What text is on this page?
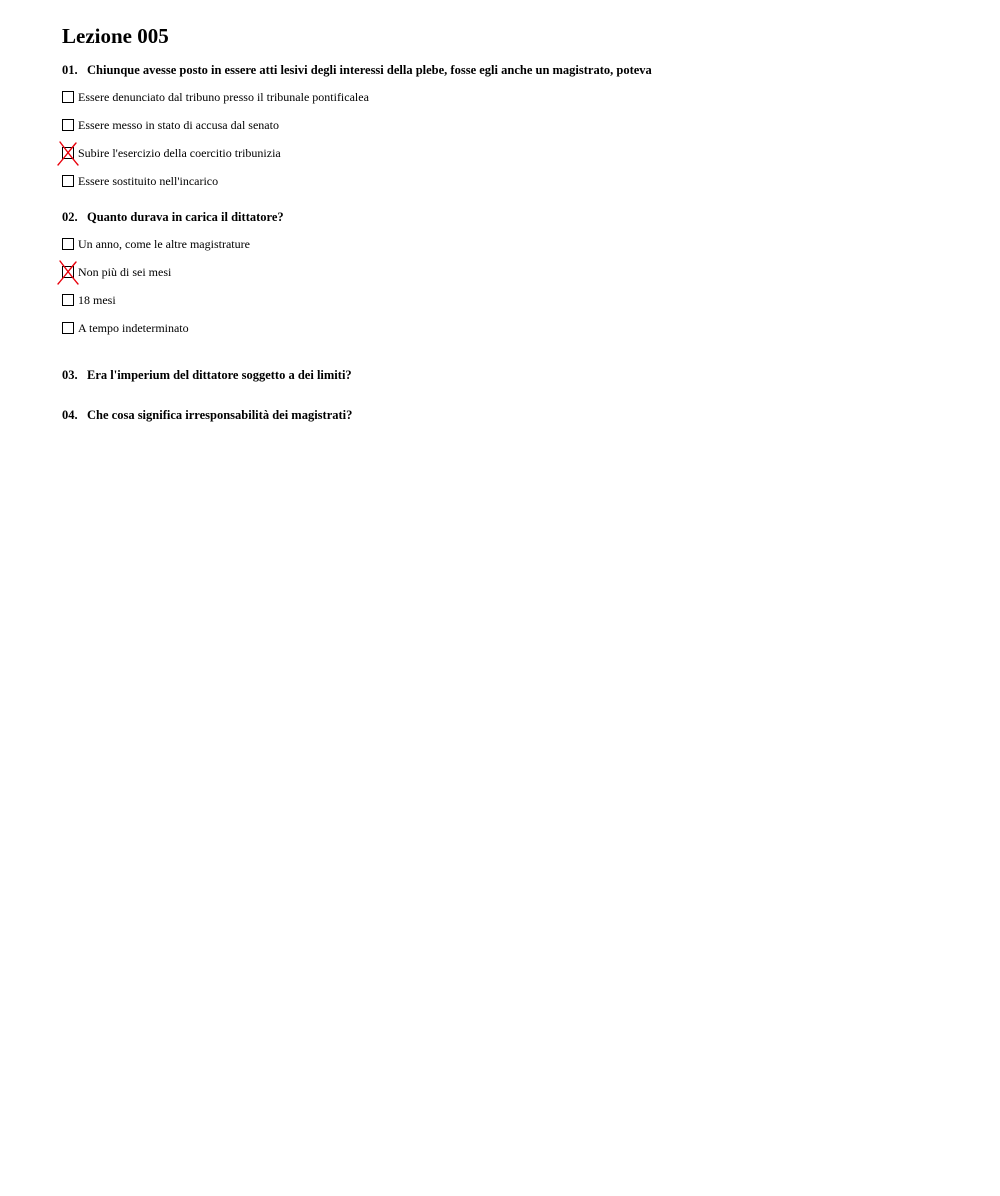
Lezione 005
01. Chiunque avesse posto in essere atti lesivi degli interessi della plebe, fosse egli anche un magistrato, poteva
Essere denunciato dal tribuno presso il tribunale pontificalea
Essere messo in stato di accusa dal senato
Subire l'esercizio della coercitio tribunizia
Essere sostituito nell'incarico
02. Quanto durava in carica il dittatore?
Un anno, come le altre magistrature
Non più di sei mesi
18 mesi
A tempo indeterminato
03. Era l'imperium del dittatore soggetto a dei limiti?
04. Che cosa significa irresponsabilità dei magistrati?
